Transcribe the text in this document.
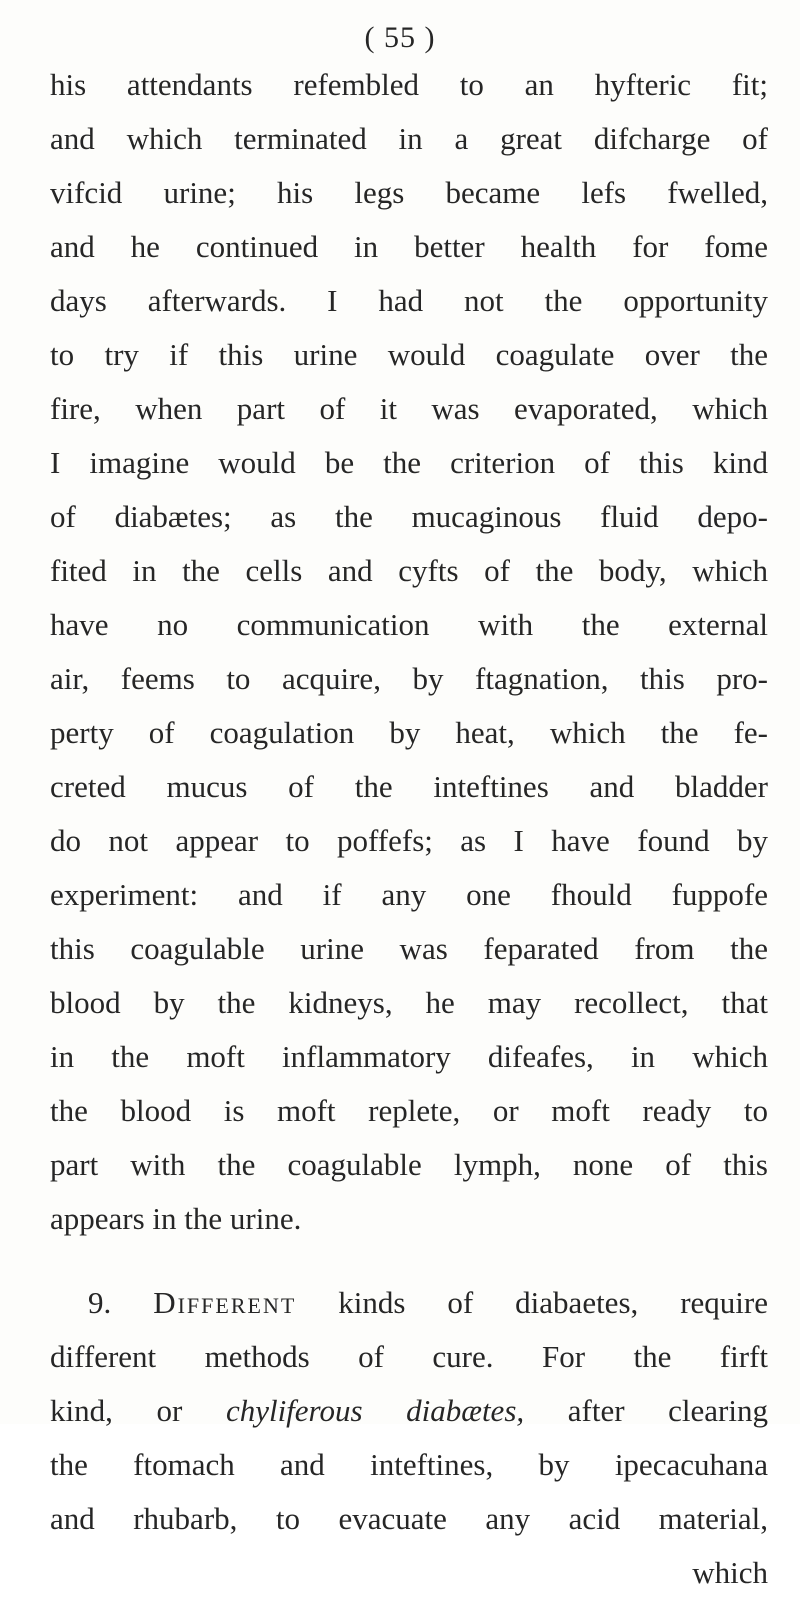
( 55 )
his attendants refembled to an hyfteric fit;
and which terminated in a great difcharge of
vifcid urine; his legs became lefs fwelled,
and he continued in better health for fome
days afterwards. I had not the opportunity
to try if this urine would coagulate over the
fire, when part of it was evaporated, which
I imagine would be the criterion of this kind
of diabætes; as the mucaginous fluid depo-
fited in the cells and cyfts of the body, which
have no communication with the external
air, feems to acquire, by ftagnation, this pro-
perty of coagulation by heat, which the fe-
creted mucus of the inteftines and bladder
do not appear to poffefs; as I have found by
experiment: and if any one fhould fuppofe
this coagulable urine was feparated from the
blood by the kidneys, he may recollect, that
in the moft inflammatory difeafes, in which
the blood is moft replete, or moft ready to
part with the coagulable lymph, none of this
appears in the urine.
9. Different kinds of diabaetes, require
different methods of cure. For the firft
kind, or chyliferous diabætes, after clearing
the ftomach and inteftines, by ipecacuhana
and rhubarb, to evacuate any acid material,
which
